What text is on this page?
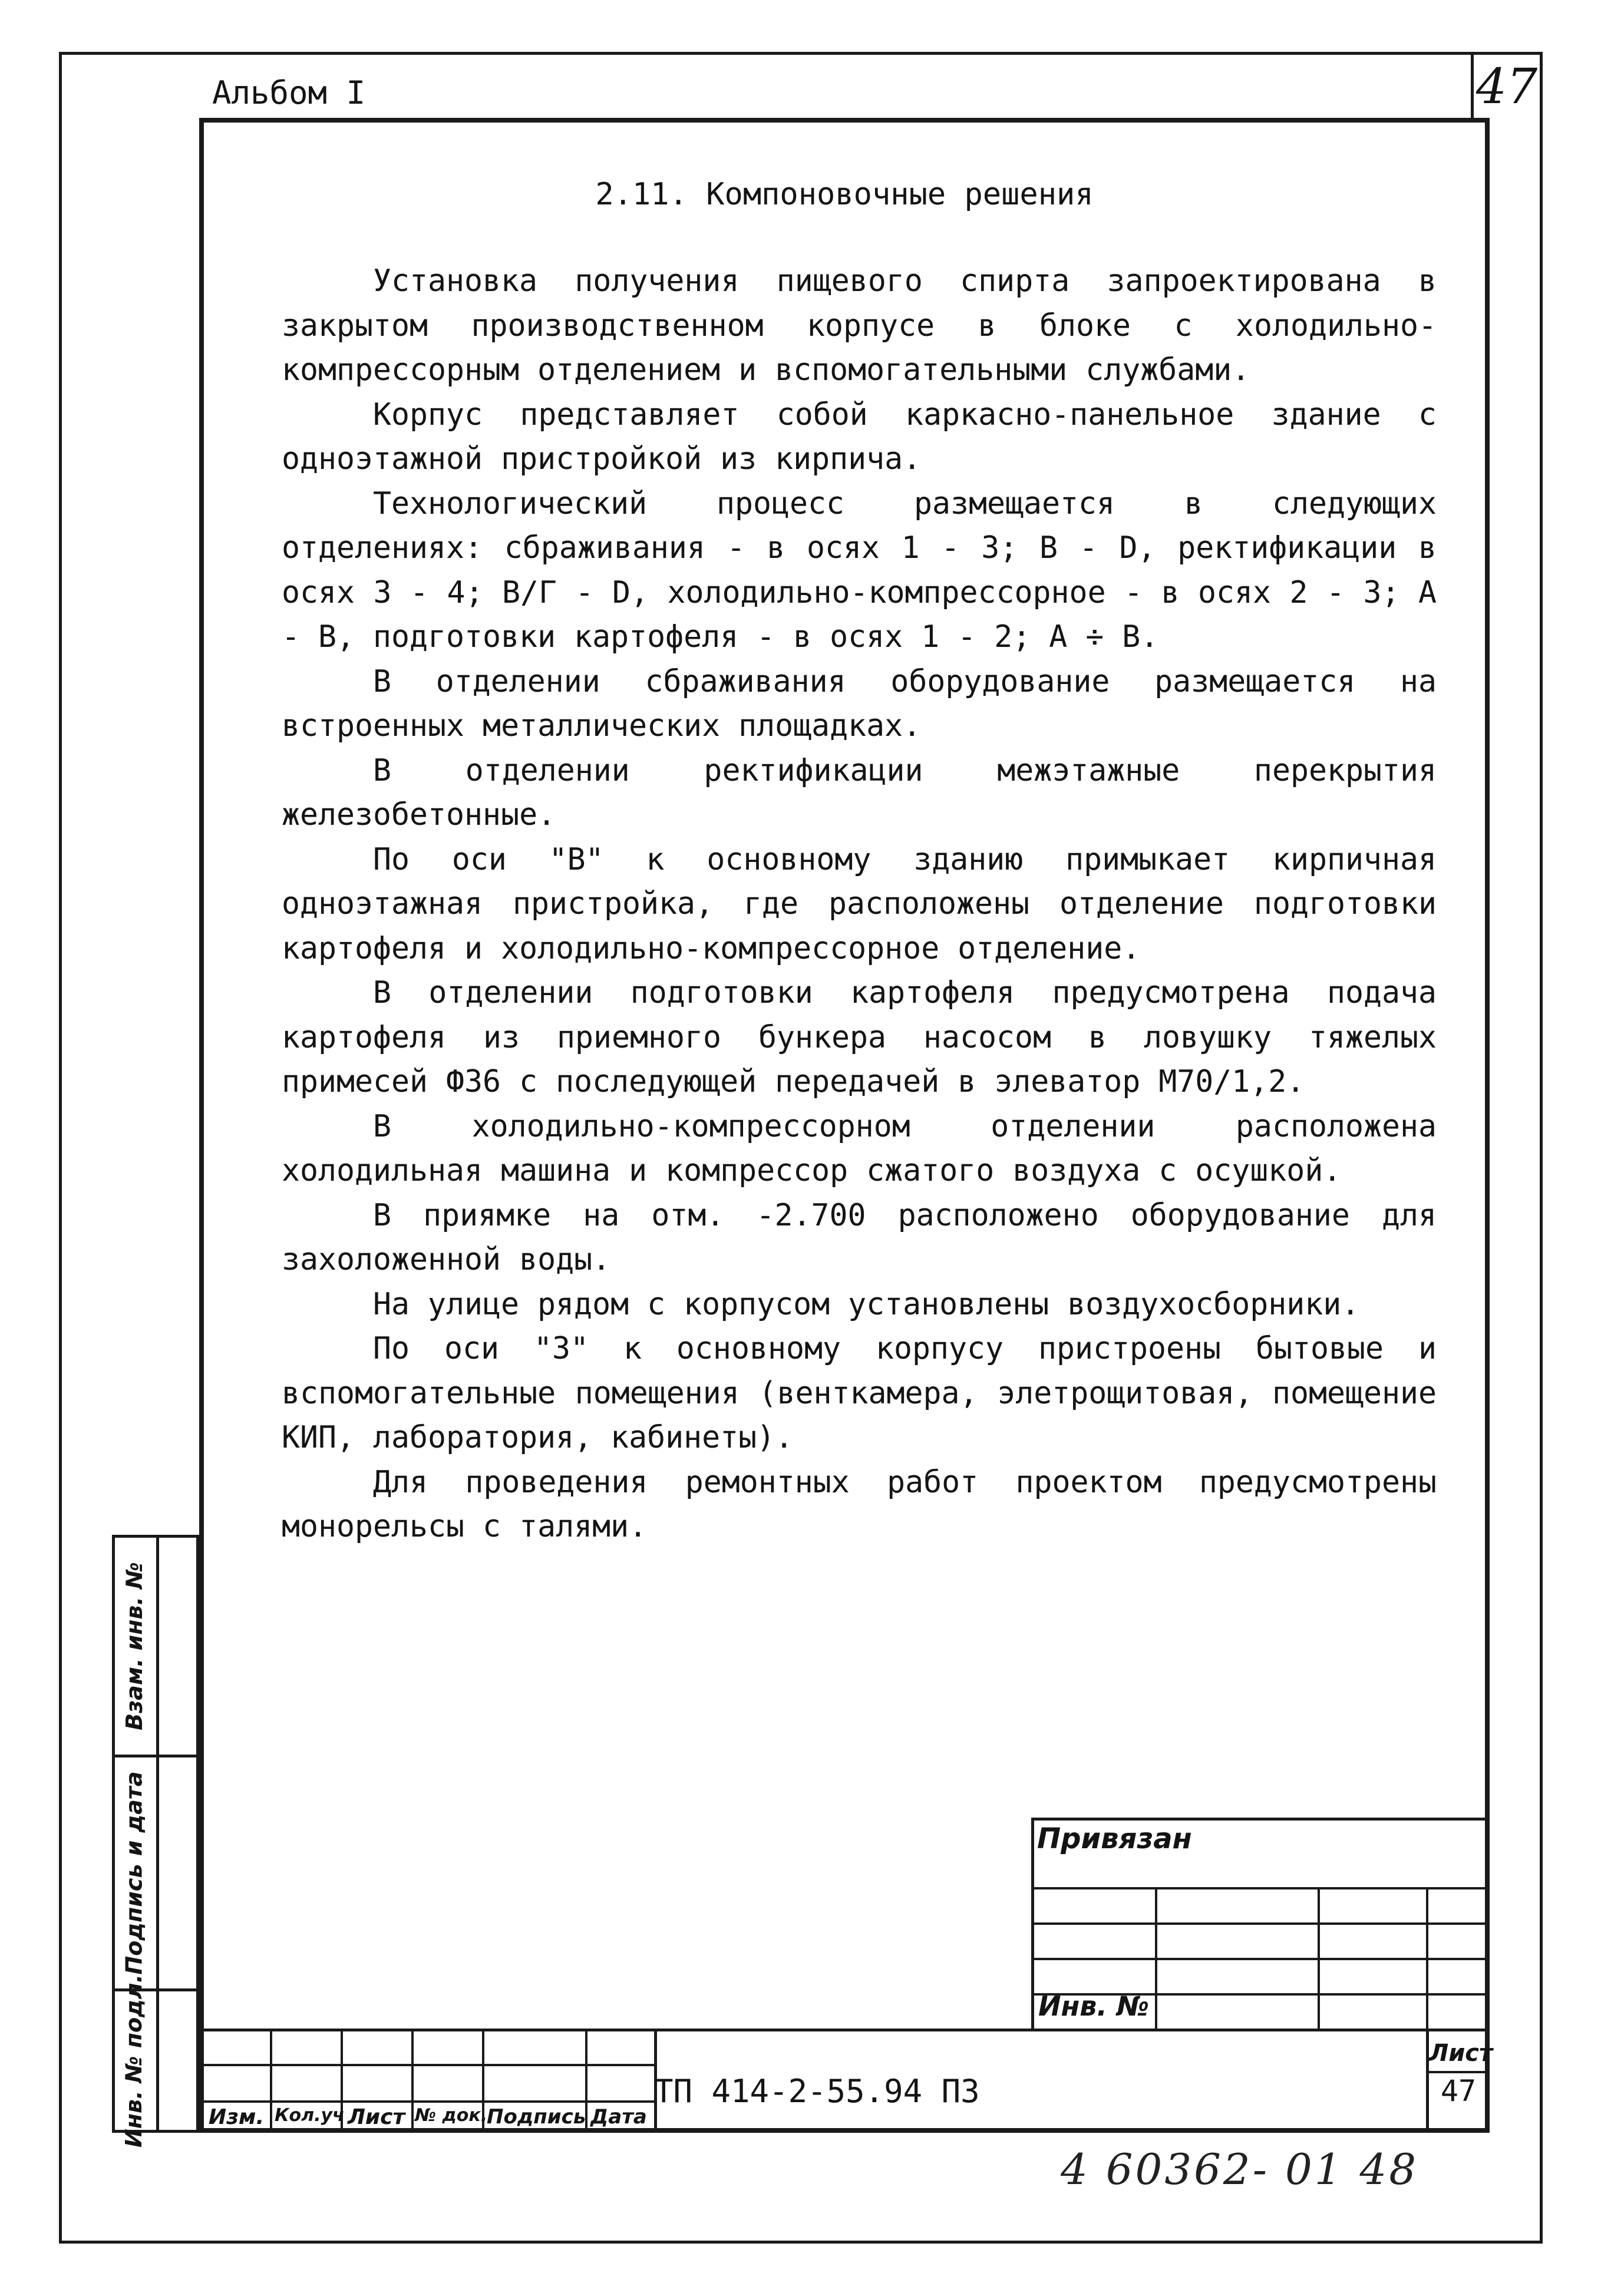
47
Альбом I
2.11. Компоновочные решения

Установка получения пищевого спирта запроектирована в закрытом производственном корпусе в блоке с холодильно-компрессорным отделением и вспомогательными службами.

Корпус представляет собой каркасно-панельное здание с одноэтажной пристройкой из кирпича.

Технологический процесс размещается в следующих отделениях: сбраживания - в осях 1 - 3; В - D, ректификации в осях 3 - 4; В/Г - D, холодильно-компрессорное - в осях 2 - 3; А - В, подготовки картофеля - в осях 1 - 2; А ÷ В.

В отделении сбраживания оборудование размещается на встроенных металлических площадках.

В отделении ректификации межэтажные перекрытия железобетонные.

По оси "В" к основному зданию примыкает кирпичная одноэтажная пристройка, где расположены отделение подготовки картофеля и холодильно-компрессорное отделение.

В отделении подготовки картофеля предусмотрена подача картофеля из приемного бункера насосом в ловушку тяжелых примесей Ф36 с последующей передачей в элеватор М70/1,2.

В холодильно-компрессорном отделении расположена холодильная машина и компрессор сжатого воздуха с осушкой.

В приямке на отм. -2.700 расположено оборудование для захоложенной воды.

На улице рядом с корпусом установлены воздухосборники.

По оси "3" к основному корпусу пристроены бытовые и вспомогательные помещения (венткамера, элетрощитовая, помещение КИП, лаборатория, кабинеты).

Для проведения ремонтных работ проектом предусмотрены монорельсы с талями.

Взам. инв. №
Подпись и дата
Инв. № подл.	Изм. Кол.уч Лист № док.
Подпись Дата
ТП 414-2-55.94 ПЗ
Лист
47
Привязан
Инв. №
4 60362- 01 48
